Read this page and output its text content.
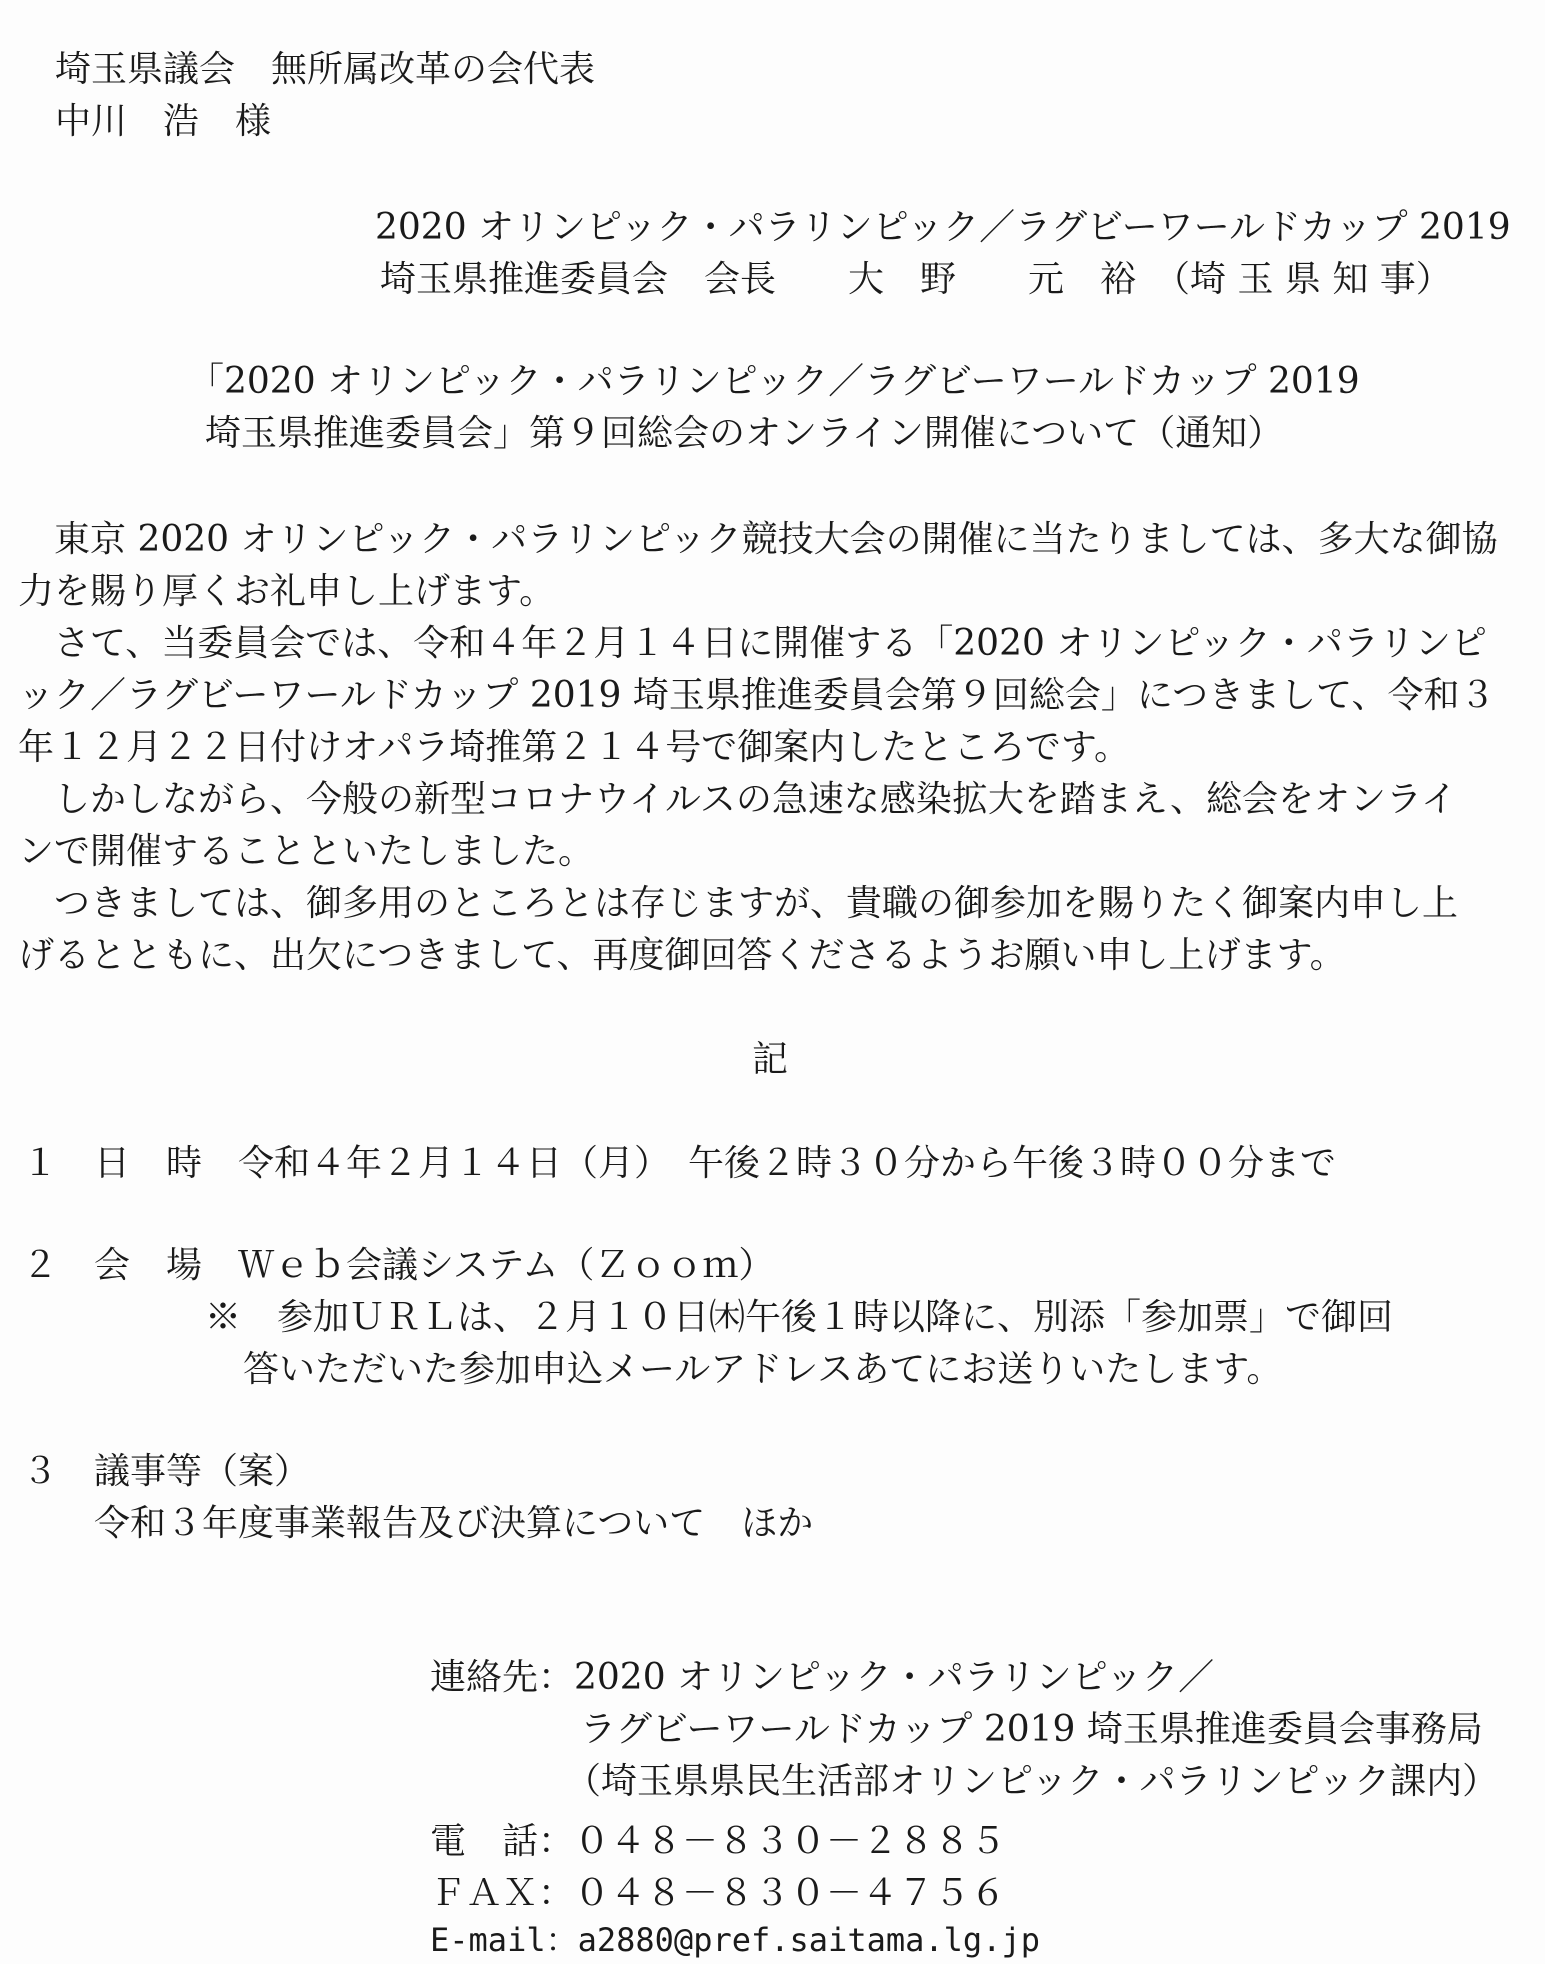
埼玉県議会　無所属改革の会代表
中川　浩　様
2020 オリンピック・パラリンピック／ラグビーワールドカップ 2019
埼玉県推進委員会　会長　　大　野　　元　裕　（埼 玉 県 知 事）
「2020 オリンピック・パラリンピック／ラグビーワールドカップ 2019
埼玉県推進委員会」第９回総会のオンライン開催について（通知）
　東京 2020 オリンピック・パラリンピック競技大会の開催に当たりましては、多大な御協
力を賜り厚くお礼申し上げます。
　さて、当委員会では、令和４年２月１４日に開催する「2020 オリンピック・パラリンピ
ック／ラグビーワールドカップ 2019 埼玉県推進委員会第９回総会」につきまして、令和３
年１２月２２日付けオパラ埼推第２１４号で御案内したところです。
　しかしながら、今般の新型コロナウイルスの急速な感染拡大を踏まえ、総会をオンライ
ンで開催することといたしました。
　つきましては、御多用のところとは存じますが、貴職の御参加を賜りたく御案内申し上
げるとともに、出欠につきまして、再度御回答くださるようお願い申し上げます。
記
１　日　時　令和４年２月１４日（月）　午後２時３０分から午後３時００分まで
２　会　場　Ｗｅｂ会議システム（Ｚｏｏｍ）
※　参加ＵＲＬは、２月１０日㈭午後１時以降に、別添「参加票」で御回
答いただいた参加申込メールアドレスあてにお送りいたします。
３　議事等（案）
令和３年度事業報告及び決算について　ほか
連絡先：2020 オリンピック・パラリンピック／
ラグビーワールドカップ 2019 埼玉県推進委員会事務局
（埼玉県県民生活部オリンピック・パラリンピック課内）
電　話：０４８－８３０－２８８５
ＦＡＸ：０４８－８３０－４７５６
E-mail：a2880@pref.saitama.lg.jp
